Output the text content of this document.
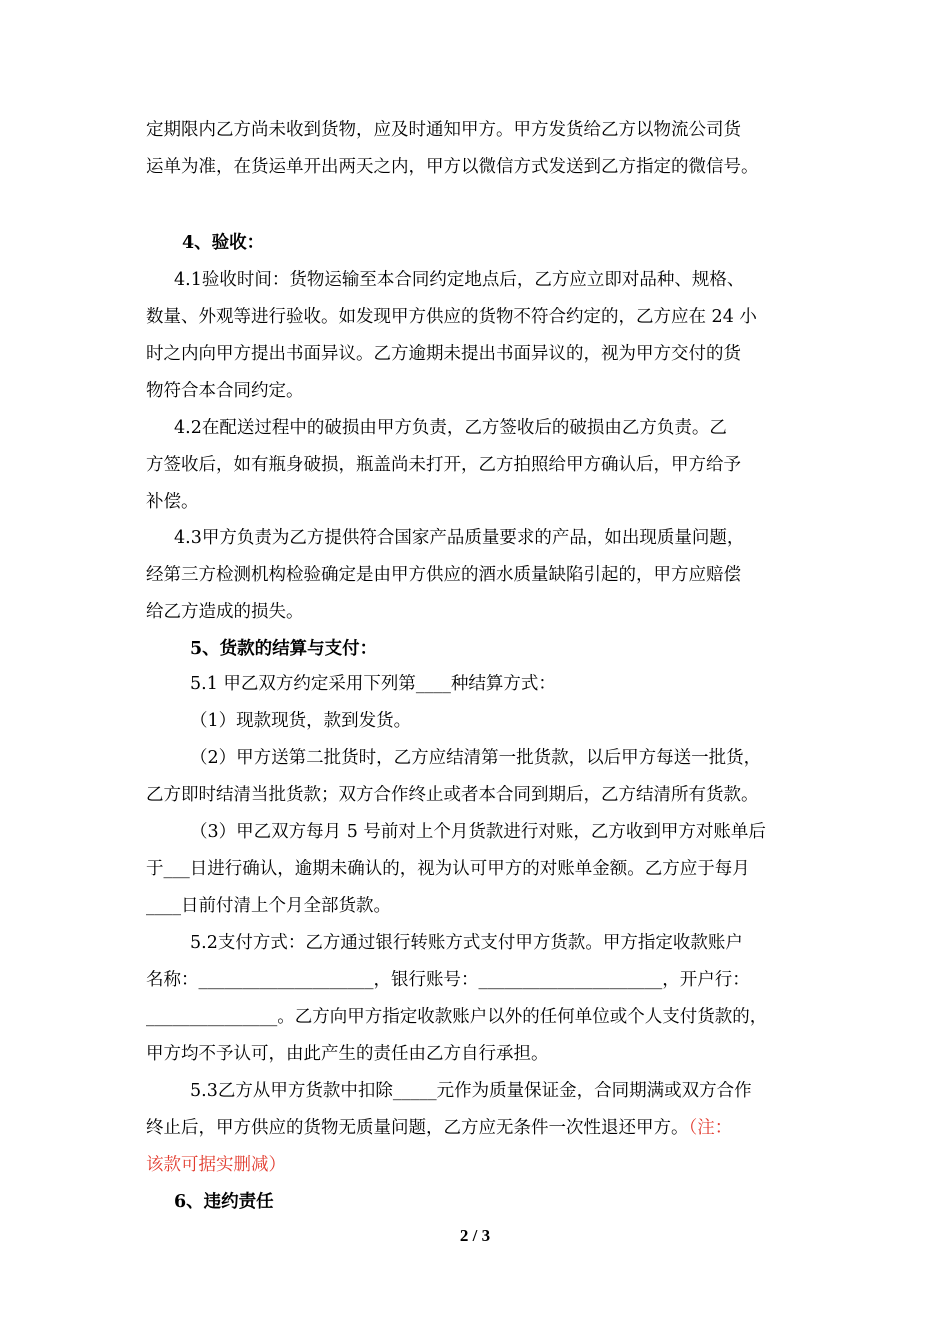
定期限内乙方尚未收到货物，应及时通知甲方。甲方发货给乙方以物流公司货
运单为准，在货运单开出两天之内，甲方以微信方式发送到乙方指定的微信号。
4、验收：
4.1验收时间：货物运输至本合同约定地点后，乙方应立即对品种、规格、
数量、外观等进行验收。如发现甲方供应的货物不符合约定的，乙方应在 24 小
时之内向甲方提出书面异议。乙方逾期未提出书面异议的，视为甲方交付的货
物符合本合同约定。
4.2在配送过程中的破损由甲方负责，乙方签收后的破损由乙方负责。乙
方签收后，如有瓶身破损，瓶盖尚未打开，乙方拍照给甲方确认后，甲方给予
补偿。
4.3甲方负责为乙方提供符合国家产品质量要求的产品，如出现质量问题，
经第三方检测机构检验确定是由甲方供应的酒水质量缺陷引起的，甲方应赔偿
给乙方造成的损失。
5、货款的结算与支付：
5.1 甲乙双方约定采用下列第____种结算方式：
（1）现款现货，款到发货。
（2）甲方送第二批货时，乙方应结清第一批货款，以后甲方每送一批货，
乙方即时结清当批货款；双方合作终止或者本合同到期后，乙方结清所有货款。
（3）甲乙双方每月 5 号前对上个月货款进行对账，乙方收到甲方对账单后
于___日进行确认，逾期未确认的，视为认可甲方的对账单金额。乙方应于每月
____日前付清上个月全部货款。
5.2支付方式：乙方通过银行转账方式支付甲方货款。甲方指定收款账户
名称：____________________，银行账号：_____________________，开户行：
_______________。乙方向甲方指定收款账户以外的任何单位或个人支付货款的，
甲方均不予认可，由此产生的责任由乙方自行承担。
5.3乙方从甲方货款中扣除_____元作为质量保证金，合同期满或双方合作
终止后，甲方供应的货物无质量问题，乙方应无条件一次性退还甲方。（注：
该款可据实删减）
6、违约责任
2 / 3
